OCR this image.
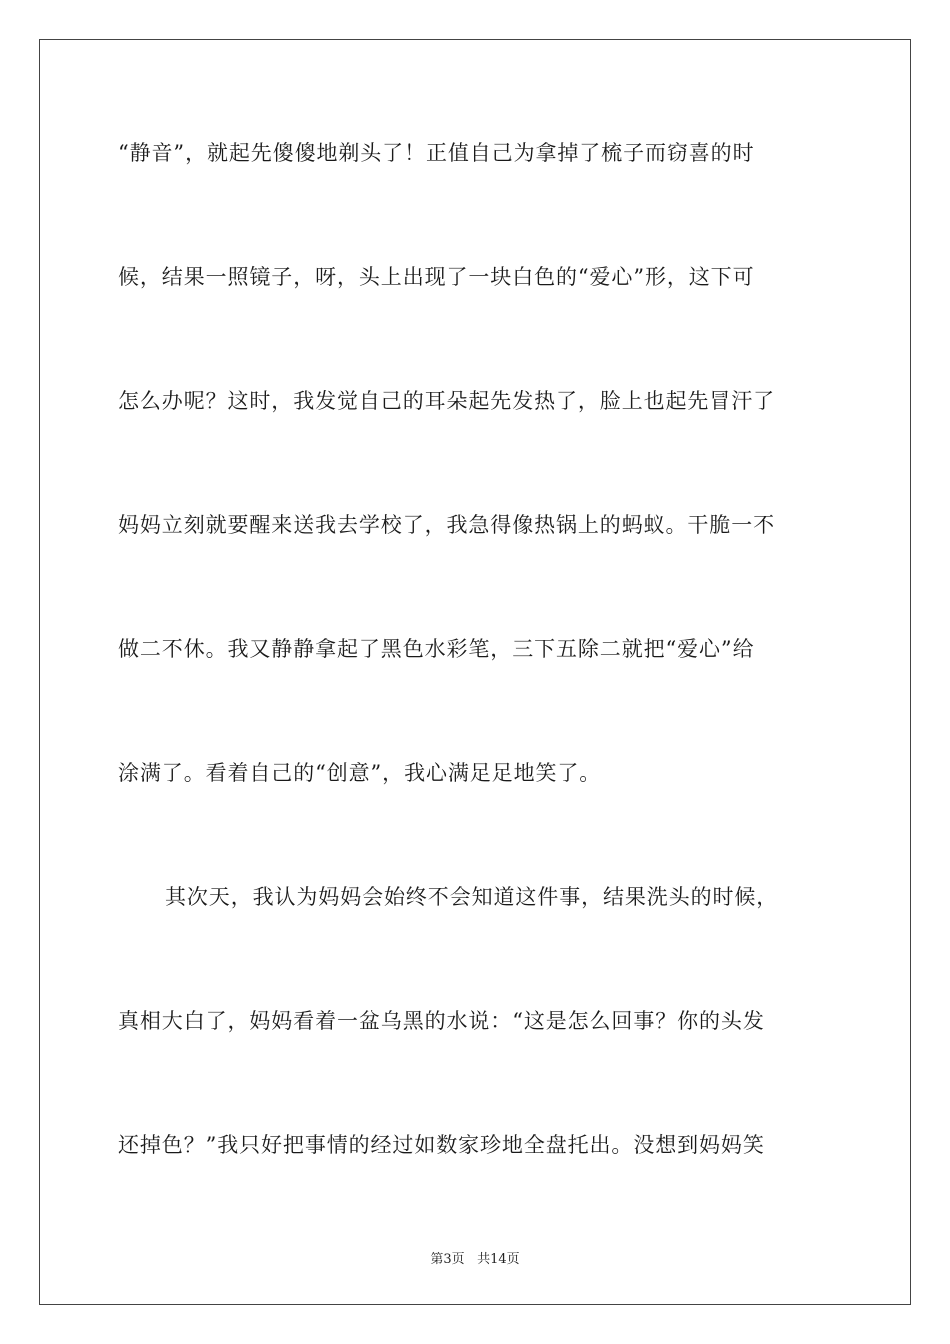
“静音”，就起先傻傻地剃头了！正值自己为拿掉了梳子而窃喜的时
候，结果一照镜子，呀，头上出现了一块白色的“爱心”形，这下可
怎么办呢？这时，我发觉自己的耳朵起先发热了，脸上也起先冒汗了
妈妈立刻就要醒来送我去学校了，我急得像热锅上的蚂蚁。干脆一不
做二不休。我又静静拿起了黑色水彩笔，三下五除二就把“爱心”给
涂满了。看着自己的“创意”，我心满足足地笑了。
其次天，我认为妈妈会始终不会知道这件事，结果洗头的时候，
真相大白了，妈妈看着一盆乌黑的水说：“这是怎么回事？你的头发
还掉色？”我只好把事情的经过如数家珍地全盘托出。没想到妈妈笑
第3页 共14页
